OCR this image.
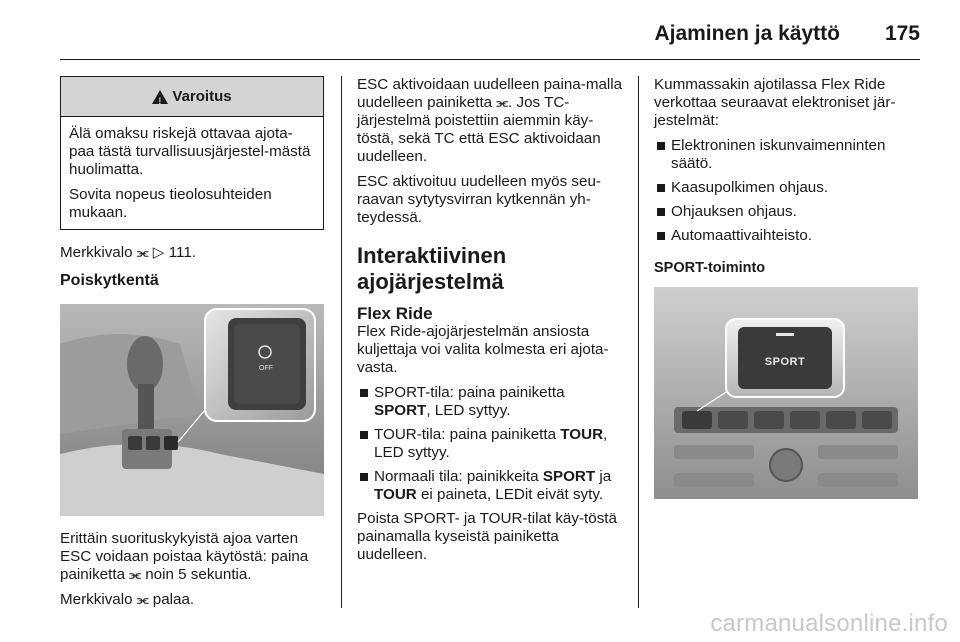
Ajaminen ja käyttö 175
!
Varoitus

Älä omaksu riskejä ottavaa ajota-paa tästä turvallisuusjärjestel-mästä huolimatta.

Sovita nopeus tieolosuhteiden mukaan.

Merkkivalo ⫘ ▷ 111.

Poiskytkentä
OFF

Erittäin suorituskykyistä ajoa varten ESC voidaan poistaa käytöstä: paina painiketta ⫘ noin 5 sekuntia.

Merkkivalo ⫘ palaa.

ESC aktivoidaan uudelleen paina-malla uudelleen painiketta ⫘. Jos TC-järjestelmä poistettiin aiemmin käy-töstä, sekä TC että ESC aktivoidaan uudelleen.

ESC aktivoituu uudelleen myös seu-raavan sytytysvirran kytkennän yh-teydessä.

Interaktiivinen ajojärjestelmä
Flex Ride

Flex Ride-ajojärjestelmän ansiosta kuljettaja voi valita kolmesta eri ajota-vasta.

SPORT-tila: paina painiketta SPORT, LED syttyy.
TOUR-tila: paina painiketta TOUR, LED syttyy.
Normaali tila: painikkeita SPORT ja TOUR ei paineta, LEDit eivät syty.

Poista SPORT- ja TOUR-tilat käy-töstä painamalla kyseistä painiketta uudelleen.

Kummassakin ajotilassa Flex Ride verkottaa seuraavat elektroniset jär-jestelmät:

Elektroninen iskunvaimenninten säätö.
Kaasupolkimen ohjaus.
Ohjauksen ohjaus.
Automaattivaihteisto.
SPORT-toiminto
SPORT
carmanualsonline.info
